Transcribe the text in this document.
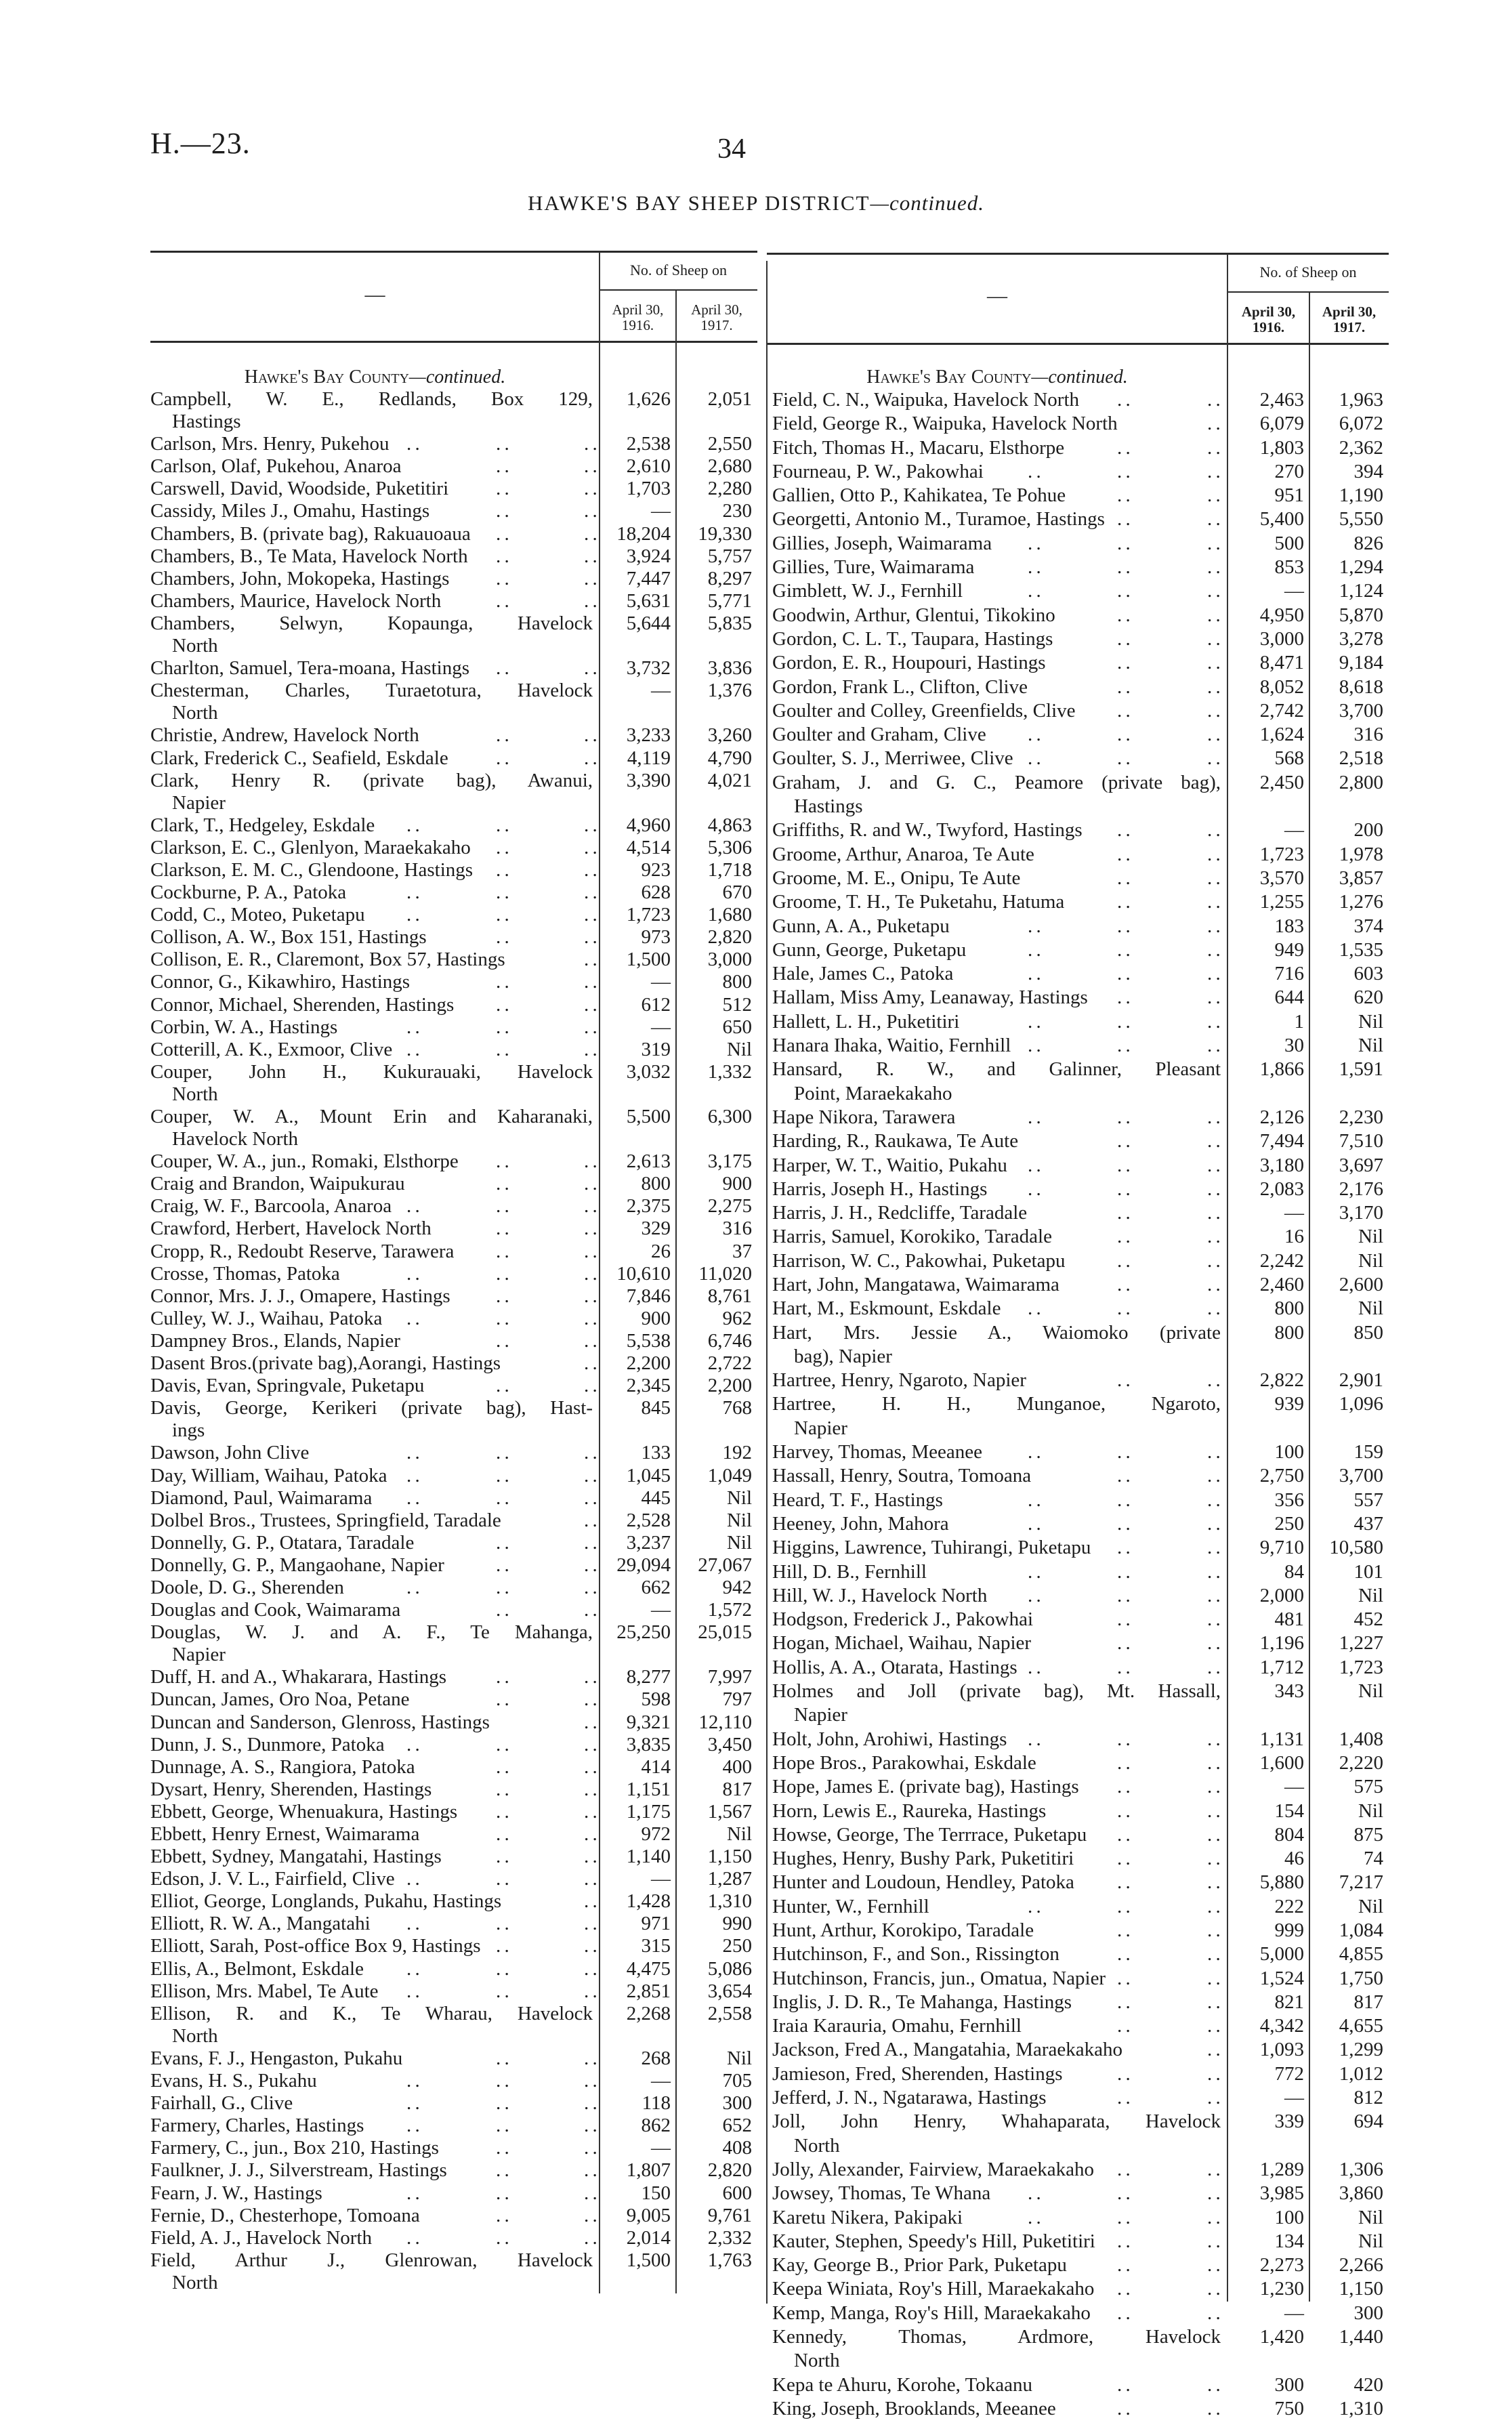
H.—23.	34
HAWKE'S BAY SHEEP DISTRICT—continued.
—
No. of Sheep on
April 30,
1916.
April 30,
1917.
Hawke's Bay County—continued.
Campbell, W. E., Redlands, Box 129,
Hastings
1,626	2,051
Carlson, Mrs. Henry, Pukehou . .	. .	. .	2,538	2,550
Carlson, Olaf, Pukehou, Anaroa	. .	. .	2,610	2,680
Carswell, David, Woodside, Puketitiri . .	. .	1,703	2,280
Cassidy, Miles J., Omahu, Hastings	. .	. .	—	230
Chambers, B. (private bag), Rakuauoaua . .	. .	18,204	19,330
Chambers, B., Te Mata, Havelock North . .	. .	3,924	5,757
Chambers, John, Mokopeka, Hastings . .	. .	7,447	8,297
Chambers, Maurice, Havelock North	. .	. .	5,631	5,771
Chambers, Selwyn, Kopaunga, Havelock
North
5,644	5,835
Charlton, Samuel, Tera-moana, Hastings . .	. .	3,732	3,836
Chesterman, Charles, Turaetotura, Havelock
North
—	1,376
Christie, Andrew, Havelock North	. .	. .	3,233	3,260
Clark, Frederick C., Seafield, Eskdale . .	. .	4,119	4,790
Clark, Henry R. (private bag), Awanui,
Napier
3,390	4,021
Clark, T., Hedgeley, Eskdale . .	. .	. .	4,960	4,863
Clarkson, E. C., Glenlyon, Maraekakaho . .	. .	4,514	5,306
Clarkson, E. M. C., Glendoone, Hastings . .	. .	923	1,718
Cockburne, P. A., Patoka	. .	. .	. .	628	670
Codd, C., Moteo, Puketapu . .	. .	. .	1,723	1,680
Collison, A. W., Box 151, Hastings	. .	. .	973	2,820
Collison, E. R., Claremont, Box 57, Hastings	. .	1,500	3,000
Connor, G., Kikawhiro, Hastings	. .	. .	—	800
Connor, Michael, Sherenden, Hastings . .	. .	612	512
Corbin, W. A., Hastings	. .	. .	. .	—	650
Cotterill, A. K., Exmoor, Clive . .	. .	. .	319	Nil
Couper, John H., Kukurauaki, Havelock
North
3,032	1,332
Couper, W. A., Mount Erin and Kaharanaki,
Havelock North
5,500	6,300
Couper, W. A., jun., Romaki, Elsthorpe . .	. .	2,613	3,175
Craig and Brandon, Waipukurau	. .	. .	800	900
Craig, W. F., Barcoola, Anaroa . .	. .	. .	2,375	2,275
Crawford, Herbert, Havelock North	. .	. .	329	316
Cropp, R., Redoubt Reserve, Tarawera . .	. .	26	37
Crosse, Thomas, Patoka	. .	. .	. .	10,610	11,020
Connor, Mrs. J. J., Omapere, Hastings . .	. .	7,846	8,761
Culley, W. J., Waihau, Patoka . .	. .	. .	900	962
Dampney Bros., Elands, Napier	. .	. .	5,538	6,746
Dasent Bros.(private bag),Aorangi, Hastings	. .	2,200	2,722
Davis, Evan, Springvale, Puketapu	. .	. .	2,345	2,200
Davis, George, Kerikeri (private bag), Hast-
ings
845	768
Dawson, John Clive	. .	. .	. .	133	192
Day, William, Waihau, Patoka . .	. .	. .	1,045	1,049
Diamond, Paul, Waimarama . .	. .	. .	445	Nil
Dolbel Bros., Trustees, Springfield, Taradale	. .	2,528	Nil
Donnelly, G. P., Otatara, Taradale	. .	. .	3,237	Nil
Donnelly, G. P., Mangaohane, Napier	. .	. .	29,094	27,067
Doole, D. G., Sherenden	. .	. .	. .	662	942
Douglas and Cook, Waimarama	. .	. .	—	1,572
Douglas, W. J. and A. F., Te Mahanga,
Napier
25,250	25,015
Duff, H. and A., Whakarara, Hastings	. .	. .	8,277	7,997
Duncan, James, Oro Noa, Petane	. .	. .	598	797
Duncan and Sanderson, Glenross, Hastings	. .	9,321	12,110
Dunn, J. S., Dunmore, Patoka . .	. .	. .	3,835	3,450
Dunnage, A. S., Rangiora, Patoka	. .	. .	414	400
Dysart, Henry, Sherenden, Hastings	. .	. .	1,151	817
Ebbett, George, Whenuakura, Hastings . .	. .	1,175	1,567
Ebbett, Henry Ernest, Waimarama	. .	. .	972	Nil
Ebbett, Sydney, Mangatahi, Hastings	. .	. .	1,140	1,150
Edson, J. V. L., Fairfield, Clive . .	. .	. .	—	1,287
Elliot, George, Longlands, Pukahu, Hastings	. .	1,428	1,310
Elliott, R. W. A., Mangatahi . .	. .	. .	971	990
Elliott, Sarah, Post-office Box 9, Hastings . .	. .	315	250
Ellis, A., Belmont, Eskdale . .	. .	. .	4,475	5,086
Ellison, Mrs. Mabel, Te Aute . .	. .	. .	2,851	3,654
Ellison, R. and K., Te Wharau, Havelock
North
2,268	2,558
Evans, F. J., Hengaston, Pukahu	. .	. .	268	Nil
Evans, H. S., Pukahu	. .	. .	. .	—	705
Fairhall, G., Clive	. .	. .	. .	118	300
Farmery, Charles, Hastings . .	. .	. .	862	652
Farmery, C., jun., Box 210, Hastings	. .	. .	—	408
Faulkner, J. J., Silverstream, Hastings . .	. .	1,807	2,820
Fearn, J. W., Hastings	. .	. .	. .	150	600
Fernie, D., Chesterhope, Tomoana	. .	. .	9,005	9,761
Field, A. J., Havelock North . .	. .	. .	2,014	2,332
Field, Arthur J., Glenrowan, Havelock
North
1,500	1,763
—
No. of Sheep on
April 30,
1916.
April 30,
1917.
Hawke's Bay County—continued.
Field, C. N., Waipuka, Havelock North . .	. .	2,463	1,963
Field, George R., Waipuka, Havelock North	. .	6,079	6,072
Fitch, Thomas H., Macaru, Elsthorpe	. .	. .	1,803	2,362
Fourneau, P. W., Pakowhai . .	. .	. .	270	394
Gallien, Otto P., Kahikatea, Te Pohue	. .	. .	951	1,190
Georgetti, Antonio M., Turamoe, Hastings . .	. .	5,400	5,550
Gillies, Joseph, Waimarama . .	. .	. .	500	826
Gillies, Ture, Waimarama	. .	. .	. .	853	1,294
Gimblett, W. J., Fernhill	. .	. .	. .	—	1,124
Goodwin, Arthur, Glentui, Tikokino	. .	. .	4,950	5,870
Gordon, C. L. T., Taupara, Hastings	. .	. .	3,000	3,278
Gordon, E. R., Houpouri, Hastings	. .	. .	8,471	9,184
Gordon, Frank L., Clifton, Clive	. .	. .	8,052	8,618
Goulter and Colley, Greenfields, Clive . .	. .	2,742	3,700
Goulter and Graham, Clive . .	. .	. .	1,624	316
Goulter, S. J., Merriwee, Clive . .	. .	. .	568	2,518
Graham, J. and G. C., Peamore (private bag),
Hastings
2,450	2,800
Griffiths, R. and W., Twyford, Hastings . .	. .	—	200
Groome, Arthur, Anaroa, Te Aute	. .	. .	1,723	1,978
Groome, M. E., Onipu, Te Aute	. .	. .	3,570	3,857
Groome, T. H., Te Puketahu, Hatuma	. .	. .	1,255	1,276
Gunn, A. A., Puketapu	. .	. .	. .	183	374
Gunn, George, Puketapu	. .	. .	. .	949	1,535
Hale, James C., Patoka	. .	. .	. .	716	603
Hallam, Miss Amy, Leanaway, Hastings . .	. .	644	620
Hallett, L. H., Puketitiri	. .	. .	. .	1	Nil
Hanara Ihaka, Waitio, Fernhill . .	. .	. .	30	Nil
Hansard, R. W., and Galinner, Pleasant
Point, Maraekakaho
1,866	1,591
Hape Nikora, Tarawera	. .	. .	. .	2,126	2,230
Harding, R., Raukawa, Te Aute	. .	. .	7,494	7,510
Harper, W. T., Waitio, Pukahu . .	. .	. .	3,180	3,697
Harris, Joseph H., Hastings . .	. .	. .	2,083	2,176
Harris, J. H., Redcliffe, Taradale	. .	. .	—	3,170
Harris, Samuel, Korokiko, Taradale	. .	. .	16	Nil
Harrison, W. C., Pakowhai, Puketapu	. .	. .	2,242	Nil
Hart, John, Mangatawa, Waimarama	. .	. .	2,460	2,600
Hart, M., Eskmount, Eskdale . .	. .	. .	800	Nil
Hart, Mrs. Jessie A., Waiomoko (private
bag), Napier
800	850
Hartree, Henry, Ngaroto, Napier	. .	. .	2,822	2,901
Hartree, H. H., Munganoe, Ngaroto,
Napier
939	1,096
Harvey, Thomas, Meeanee . .	. .	. .	100	159
Hassall, Henry, Soutra, Tomoana	. .	. .	2,750	3,700
Heard, T. F., Hastings	. .	. .	. .	356	557
Heeney, John, Mahora	. .	. .	. .	250	437
Higgins, Lawrence, Tuhirangi, Puketapu . .	. .	9,710	10,580
Hill, D. B., Fernhill	. .	. .	. .	84	101
Hill, W. J., Havelock North . .	. .	. .	2,000	Nil
Hodgson, Frederick J., Pakowhai	. .	. .	481	452
Hogan, Michael, Waihau, Napier	. .	. .	1,196	1,227
Hollis, A. A., Otarata, Hastings . .	. .	. .	1,712	1,723
Holmes and Joll (private bag), Mt. Hassall,
Napier
343	Nil
Holt, John, Arohiwi, Hastings . .	. .	. .	1,131	1,408
Hope Bros., Parakowhai, Eskdale	. .	. .	1,600	2,220
Hope, James E. (private bag), Hastings . .	. .	—	575
Horn, Lewis E., Raureka, Hastings	. .	. .	154	Nil
Howse, George, The Terrrace, Puketapu . .	. .	804	875
Hughes, Henry, Bushy Park, Puketitiri . .	. .	46	74
Hunter and Loudoun, Hendley, Patoka . .	. .	5,880	7,217
Hunter, W., Fernhill	. .	. .	. .	222	Nil
Hunt, Arthur, Korokipo, Taradale	. .	. .	999	1,084
Hutchinson, F., and Son., Rissington	. .	. .	5,000	4,855
Hutchinson, Francis, jun., Omatua, Napier . .	. .	1,524	1,750
Inglis, J. D. R., Te Mahanga, Hastings . .	. .	821	817
Iraia Karauria, Omahu, Fernhill	. .	. .	4,342	4,655
Jackson, Fred A., Mangatahia, Maraekakaho	. .	1,093	1,299
Jamieson, Fred, Sherenden, Hastings	. .	. .	772	1,012
Jefferd, J. N., Ngatarawa, Hastings	. .	. .	—	812
Joll, John Henry, Whahaparata, Havelock
North
339	694
Jolly, Alexander, Fairview, Maraekakaho . .	. .	1,289	1,306
Jowsey, Thomas, Te Whana . .	. .	. .	3,985	3,860
Karetu Nikera, Pakipaki	. .	. .	. .	100	Nil
Kauter, Stephen, Speedy's Hill, Puketitiri . .	. .	134	Nil
Kay, George B., Prior Park, Puketapu	. .	. .	2,273	2,266
Keepa Winiata, Roy's Hill, Maraekakaho . .	. .	1,230	1,150
Kemp, Manga, Roy's Hill, Maraekakaho . .	. .	—	300
Kennedy, Thomas, Ardmore, Havelock
North
1,420	1,440
Kepa te Ahuru, Korohe, Tokaanu	. .	. .	300	420
King, Joseph, Brooklands, Meeanee	. .	. .	750	1,310
